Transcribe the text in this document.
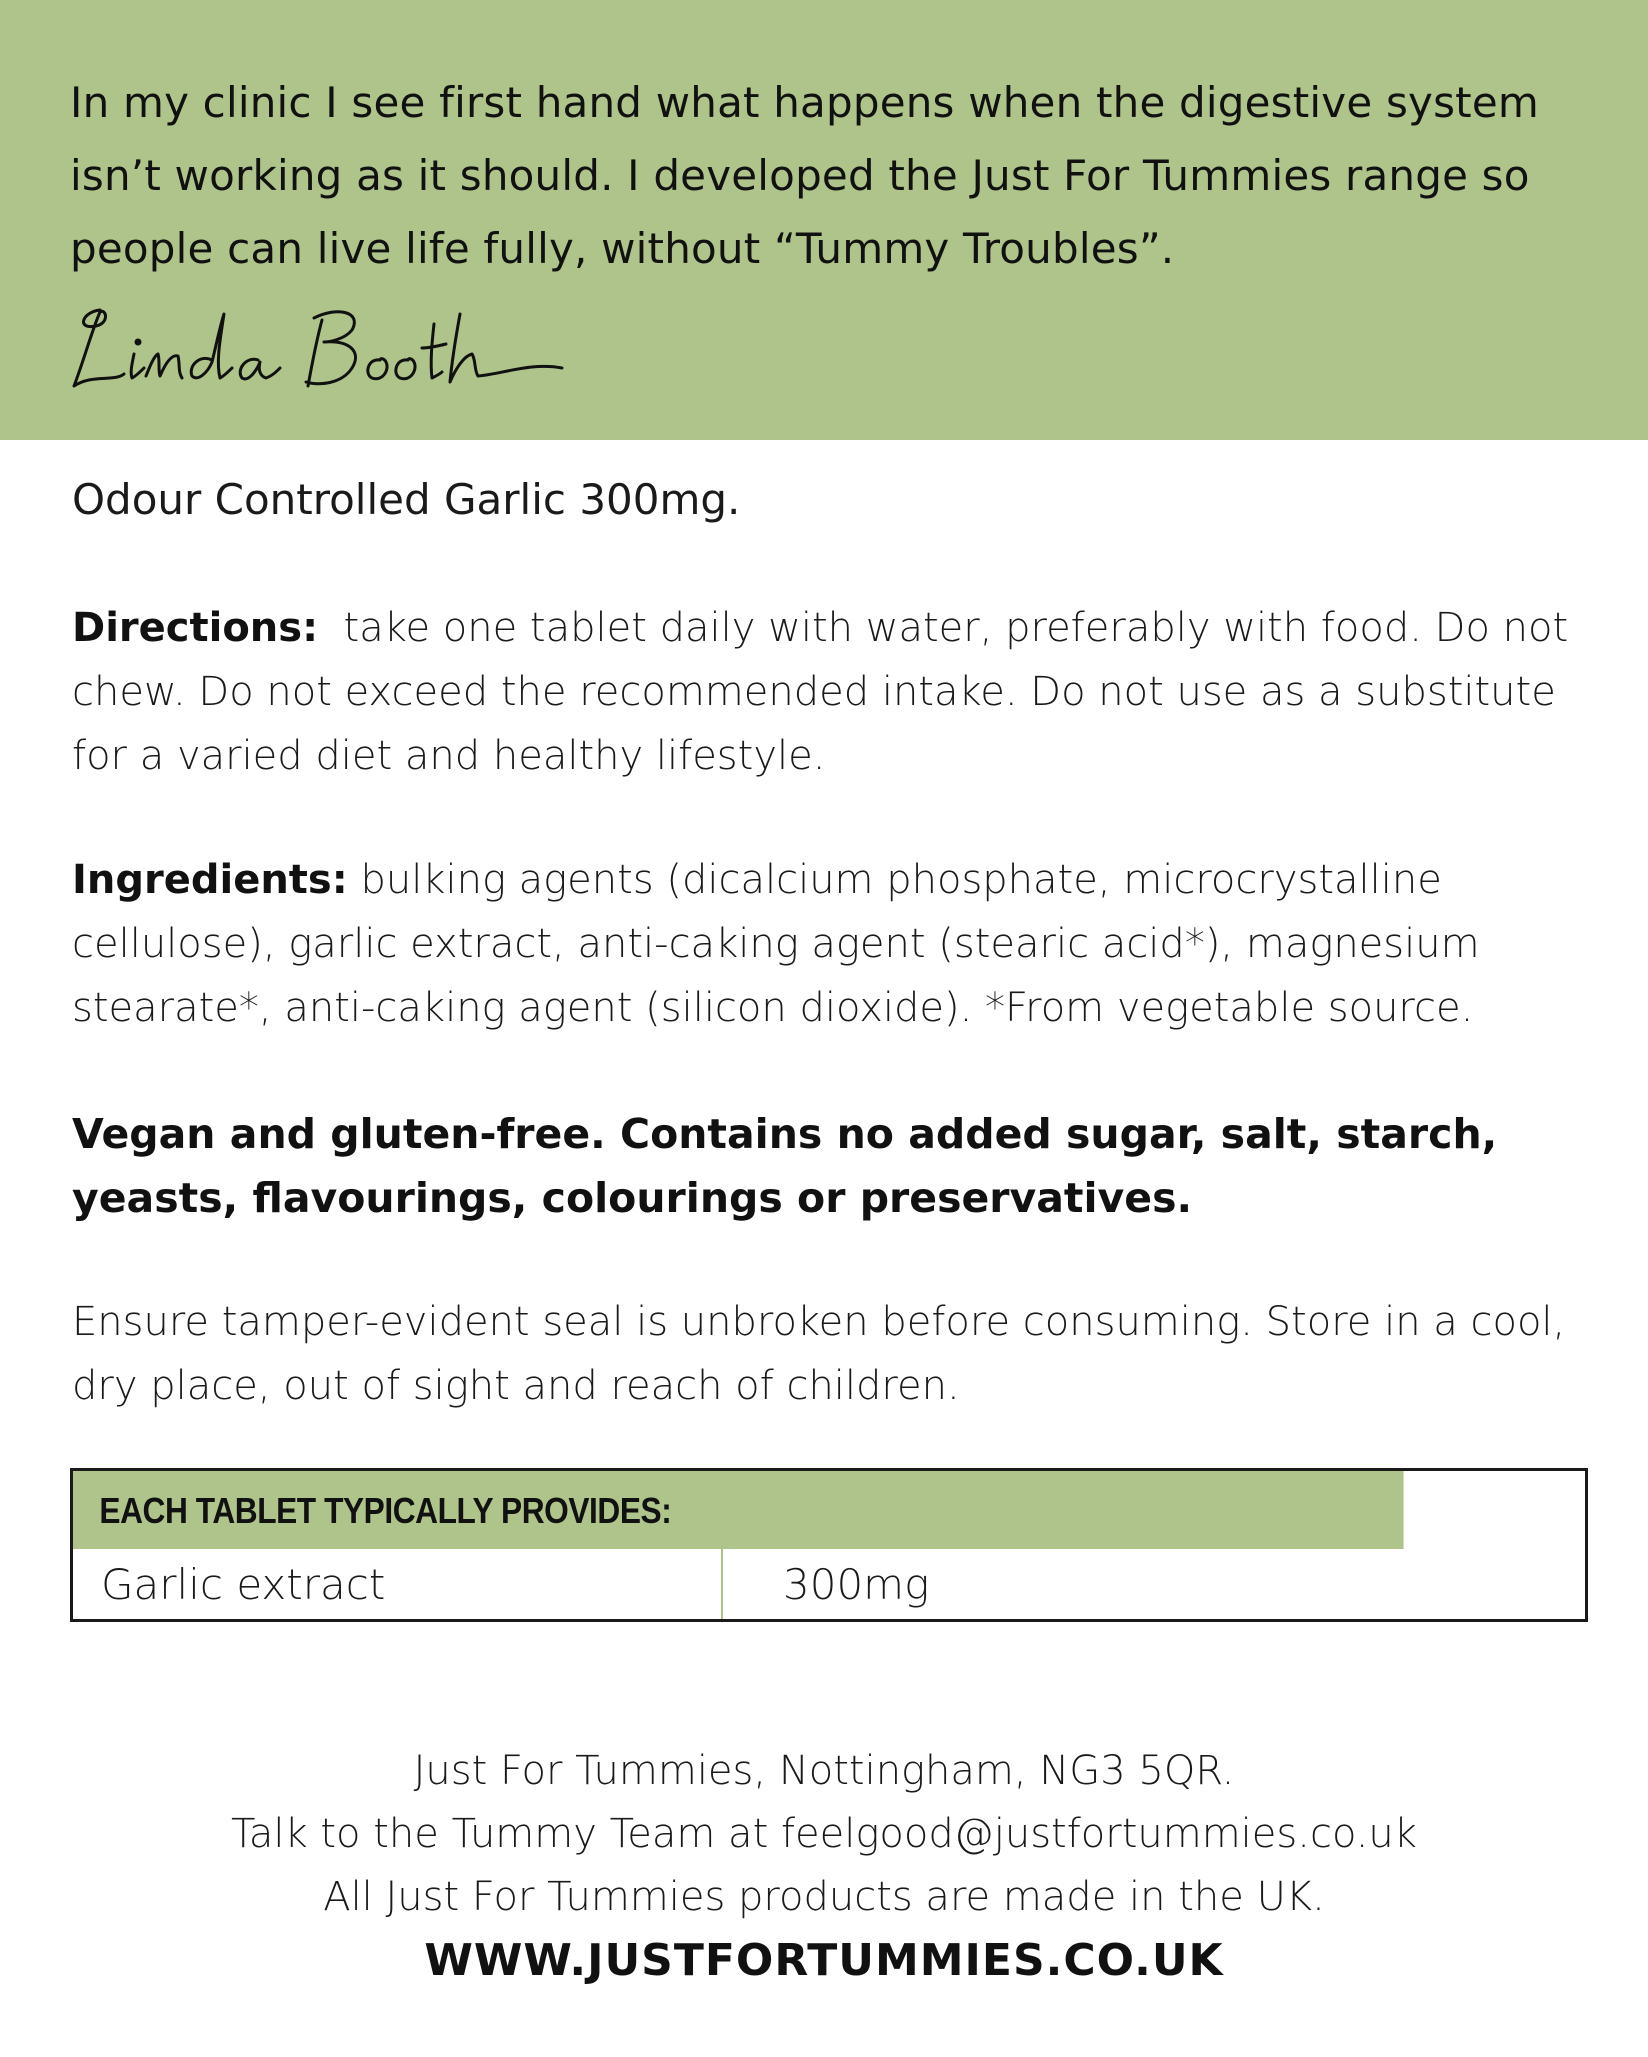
In my clinic I see first hand what happens when the digestive system isn’t working as it should. I developed the Just For Tummies range so people can live life fully, without “Tummy Troubles”.
Odour Controlled Garlic 300mg.
Directions: take one tablet daily with water, preferably with food. Do not chew. Do not exceed the recommended intake. Do not use as a substitute for a varied diet and healthy lifestyle.
Ingredients: bulking agents (dicalcium phosphate, microcrystalline cellulose), garlic extract, anti-caking agent (stearic acid*), magnesium stearate*, anti-caking agent (silicon dioxide). *From vegetable source.
Vegan and gluten-free. Contains no added sugar, salt, starch, yeasts, flavourings, colourings or preservatives.
Ensure tamper-evident seal is unbroken before consuming. Store in a cool, dry place, out of sight and reach of children.
EACH TABLET TYPICALLY PROVIDES:
Garlic extract	300mg
Just For Tummies, Nottingham, NG3 5QR.
Talk to the Tummy Team at feelgood@justfortummies.co.uk
All Just For Tummies products are made in the UK.
WWW.JUSTFORTUMMIES.CO.UK
